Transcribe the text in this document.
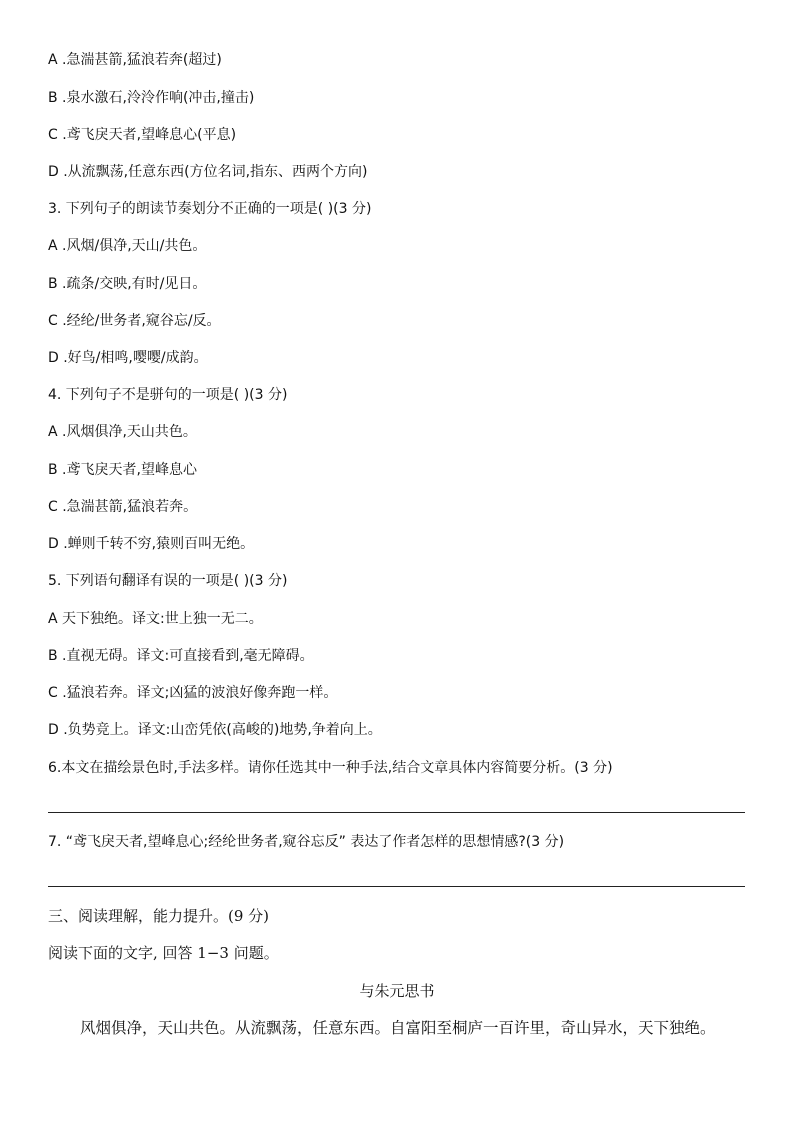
A .急湍甚箭,猛浪若奔(超过)
B .泉水激石,泠泠作响(冲击,撞击)
C .鸢飞戾天者,望峰息心(平息)
D .从流飘荡,任意东西(方位名词,指东、西两个方向)
3. 下列句子的朗读节奏划分不正确的一项是( )(3 分)
A .风烟/俱净,天山/共色。
B .疏条/交映,有时/见日。
C .经纶/世务者,窥谷忘/反。
D .好鸟/相鸣,嘤嘤/成韵。
4. 下列句子不是骈句的一项是( )(3 分)
A .风烟俱净,天山共色。
B .鸢飞戾天者,望峰息心
C .急湍甚箭,猛浪若奔。
D .蝉则千转不穷,猿则百叫无绝。
5. 下列语句翻译有误的一项是( )(3 分)
A 天下独绝。译文:世上独一无二。
B .直视无碍。译文:可直接看到,毫无障碍。
C .猛浪若奔。译文;凶猛的波浪好像奔跑一样。
D .负势竞上。译文:山峦凭依(高峻的)地势,争着向上。
6.本文在描绘景色时,手法多样。请你任选其中一种手法,结合文章具体内容简要分析。(3 分)
7. “鸢飞戾天者,望峰息心;经纶世务者,窥谷忘反” 表达了作者怎样的思想情感?(3 分)
三、阅读理解，能力提升。(9 分)
阅读下面的文字, 回答 1−3 问题。
与朱元思书
风烟俱净，天山共色。从流飘荡，任意东西。自富阳至桐庐一百许里，奇山异水，天下独绝。
